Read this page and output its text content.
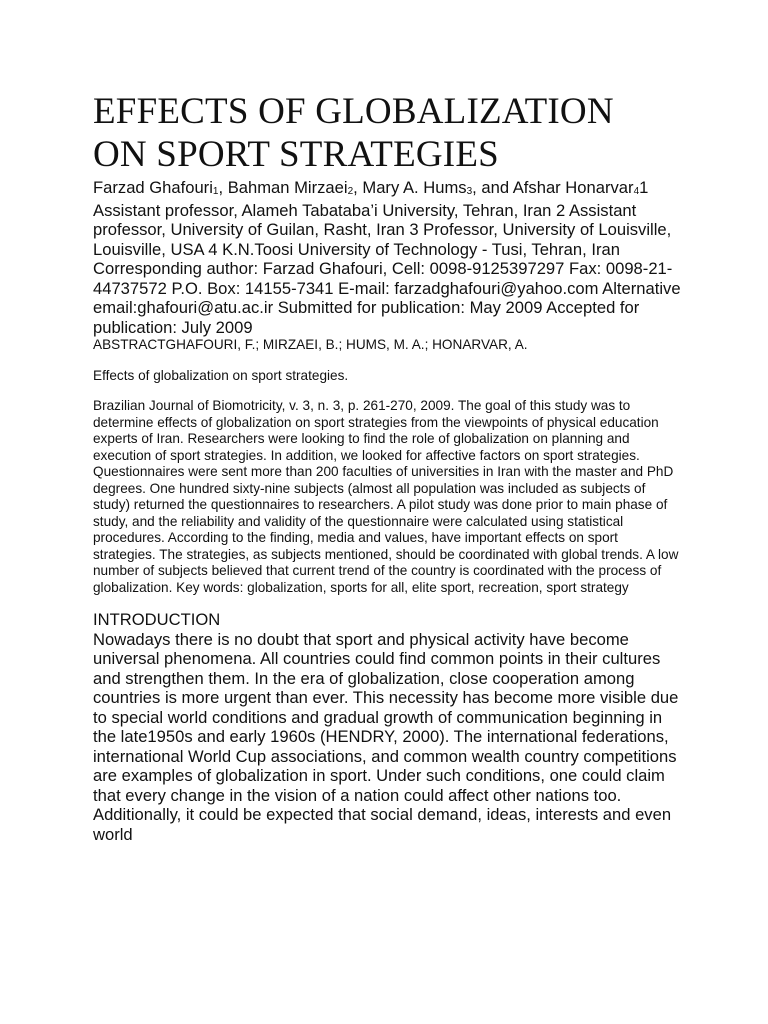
EFFECTS OF GLOBALIZATION
ON SPORT STRATEGIES

Farzad Ghafouri$_1$, Bahman Mirzaei$_2$, Mary A. Hums$_3$, and Afshar Honarvar$_4$1 Assistant professor, Alameh Tabataba’i University, Tehran, Iran 2 Assistant professor, University of Guilan, Rasht, Iran 3 Professor, University of Louisville, Louisville, USA 4 K.N.Toosi University of Technology - Tusi, Tehran, Iran Corresponding author: Farzad Ghafouri, Cell: 0098-9125397297 Fax: 0098-21-44737572 P.O. Box: 14155-7341 E-mail: farzadghafouri@yahoo.com Alternative email:ghafouri@atu.ac.ir Submitted for publication: May 2009 Accepted for publication: July 2009

ABSTRACTGHAFOURI, F.; MIRZAEI, B.; HUMS, M. A.; HONARVAR, A.

Effects of globalization on sport strategies.

Brazilian Journal of Biomotricity, v. 3, n. 3, p. 261-270, 2009. The goal of this study was to determine effects of globalization on sport strategies from the viewpoints of physical education experts of Iran. Researchers were looking to find the role of globalization on planning and execution of sport strategies. In addition, we looked for affective factors on sport strategies. Questionnaires were sent more than 200 faculties of universities in Iran with the master and PhD degrees. One hundred sixty-nine subjects (almost all population was included as subjects of study) returned the questionnaires to researchers. A pilot study was done prior to main phase of study, and the reliability and validity of the questionnaire were calculated using statistical procedures. According to the finding, media and values, have important effects on sport strategies. The strategies, as subjects mentioned, should be coordinated with global trends. A low number of subjects believed that current trend of the country is coordinated with the process of globalization. Key words: globalization, sports for all, elite sport, recreation, sport strategy

INTRODUCTION

Nowadays there is no doubt that sport and physical activity have become universal phenomena. All countries could find common points in their cultures and strengthen them. In the era of globalization, close cooperation among countries is more urgent than ever. This necessity has become more visible due to special world conditions and gradual growth of communication beginning in the late1950s and early 1960s (HENDRY, 2000). The international federations, international World Cup associations, and common wealth country competitions are examples of globalization in sport. Under such conditions, one could claim that every change in the vision of a nation could affect other nations too. Additionally, it could be expected that social demand, ideas, interests and even world
